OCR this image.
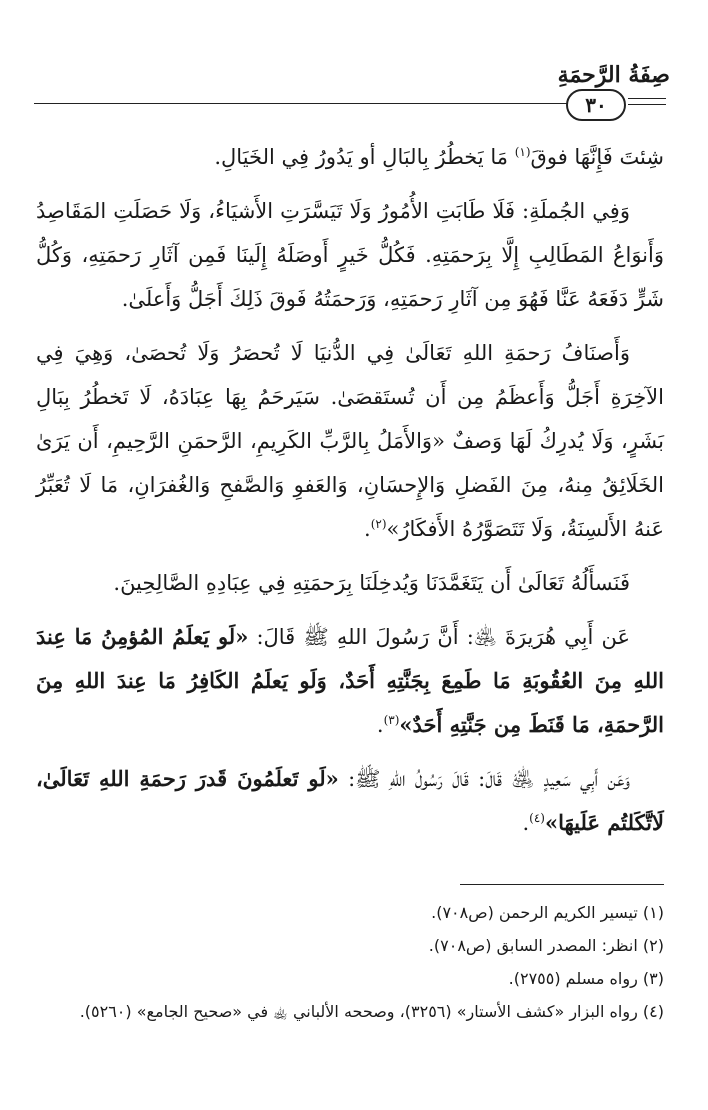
صِفَةُ الرَّحمَةِ
٣٠

شِئتَ فَإِنَّهَا فوقَ$^{(١)}$ مَا يَخطُرُ بِالبَالِ أو يَدُورُ فِي الخَيَالِ.

وَفِي الجُملَةِ: فَلَا طَابَتِ الأُمُورُ وَلَا تَيَسَّرَتِ الأَشيَاءُ، وَلَا حَصَلَتِ المَقَاصِدُ وَأَنوَاعُ المَطَالِبِ إِلَّا بِرَحمَتِهِ. فَكُلُّ خَيرٍ أَوصَلَهُ إِلَينَا فَمِن آثَارِ رَحمَتِهِ، وَكُلُّ شَرٍّ دَفَعَهُ عَنَّا فَهُوَ مِن آثَارِ رَحمَتِهِ، وَرَحمَتُهُ فَوقَ ذَلِكَ أَجَلُّ وَأَعلَىٰ.

وَأَصنَافُ رَحمَةِ اللهِ تَعَالَىٰ فِي الدُّنيَا لَا تُحصَرُ وَلَا تُحصَىٰ، وَهِيَ فِي الآخِرَةِ أَجَلُّ وَأَعظَمُ مِن أَن تُستَقصَىٰ. سَيَرحَمُ بِهَا عِبَادَهُ، لَا تَخطُرُ بِبَالِ بَشَرٍ، وَلَا يُدرِكُ لَهَا وَصفٌ «وَالأَمَلُ بِالرَّبِّ الكَرِيمِ، الرَّحمَنِ الرَّحِيمِ، أَن يَرَىٰ الخَلَائِقُ مِنهُ، مِنَ الفَضلِ وَالإِحسَانِ، وَالعَفوِ وَالصَّفحِ وَالغُفرَانِ، مَا لَا تُعَبِّرُ عَنهُ الأَلسِنَةُ، وَلَا تَتَصَوَّرُهُ الأَفكَارُ»$^{(٢)}$.

فَنَسأَلُهُ تَعَالَىٰ أَن يَتَغَمَّدَنَا وَيُدخِلَنَا بِرَحمَتِهِ فِي عِبَادِهِ الصَّالِحِينَ.

عَن أَبِي هُرَيرَةَ ﵁: أَنَّ رَسُولَ اللهِ ﷺ قَالَ: «لَو يَعلَمُ المُؤمِنُ مَا عِندَ اللهِ مِنَ العُقُوبَةِ مَا طَمِعَ بِجَنَّتِهِ أَحَدٌ، وَلَو يَعلَمُ الكَافِرُ مَا عِندَ اللهِ مِنَ الرَّحمَةِ، مَا قَنَطَ مِن جَنَّتِهِ أَحَدٌ»$^{(٣)}$.

وَعَن أَبِي سَعِيدٍ ﵁ قَالَ: قَالَ رَسُولُ اللهِ ﷺ: «لَو تَعلَمُونَ قَدرَ رَحمَةِ اللهِ تَعَالَىٰ، لَاتَّكَلتُم عَلَيهَا»$^{(٤)}$.

(١) تيسير الكريم الرحمن (ص٧٠٨).

(٢) انظر: المصدر السابق (ص٧٠٨).

(٣) رواه مسلم (٢٧٥٥).

(٤) رواه البزار «كشف الأستار» (٣٢٥٦)، وصححه الألباني ﵀ في «صحيح الجامع» (٥٢٦٠).
